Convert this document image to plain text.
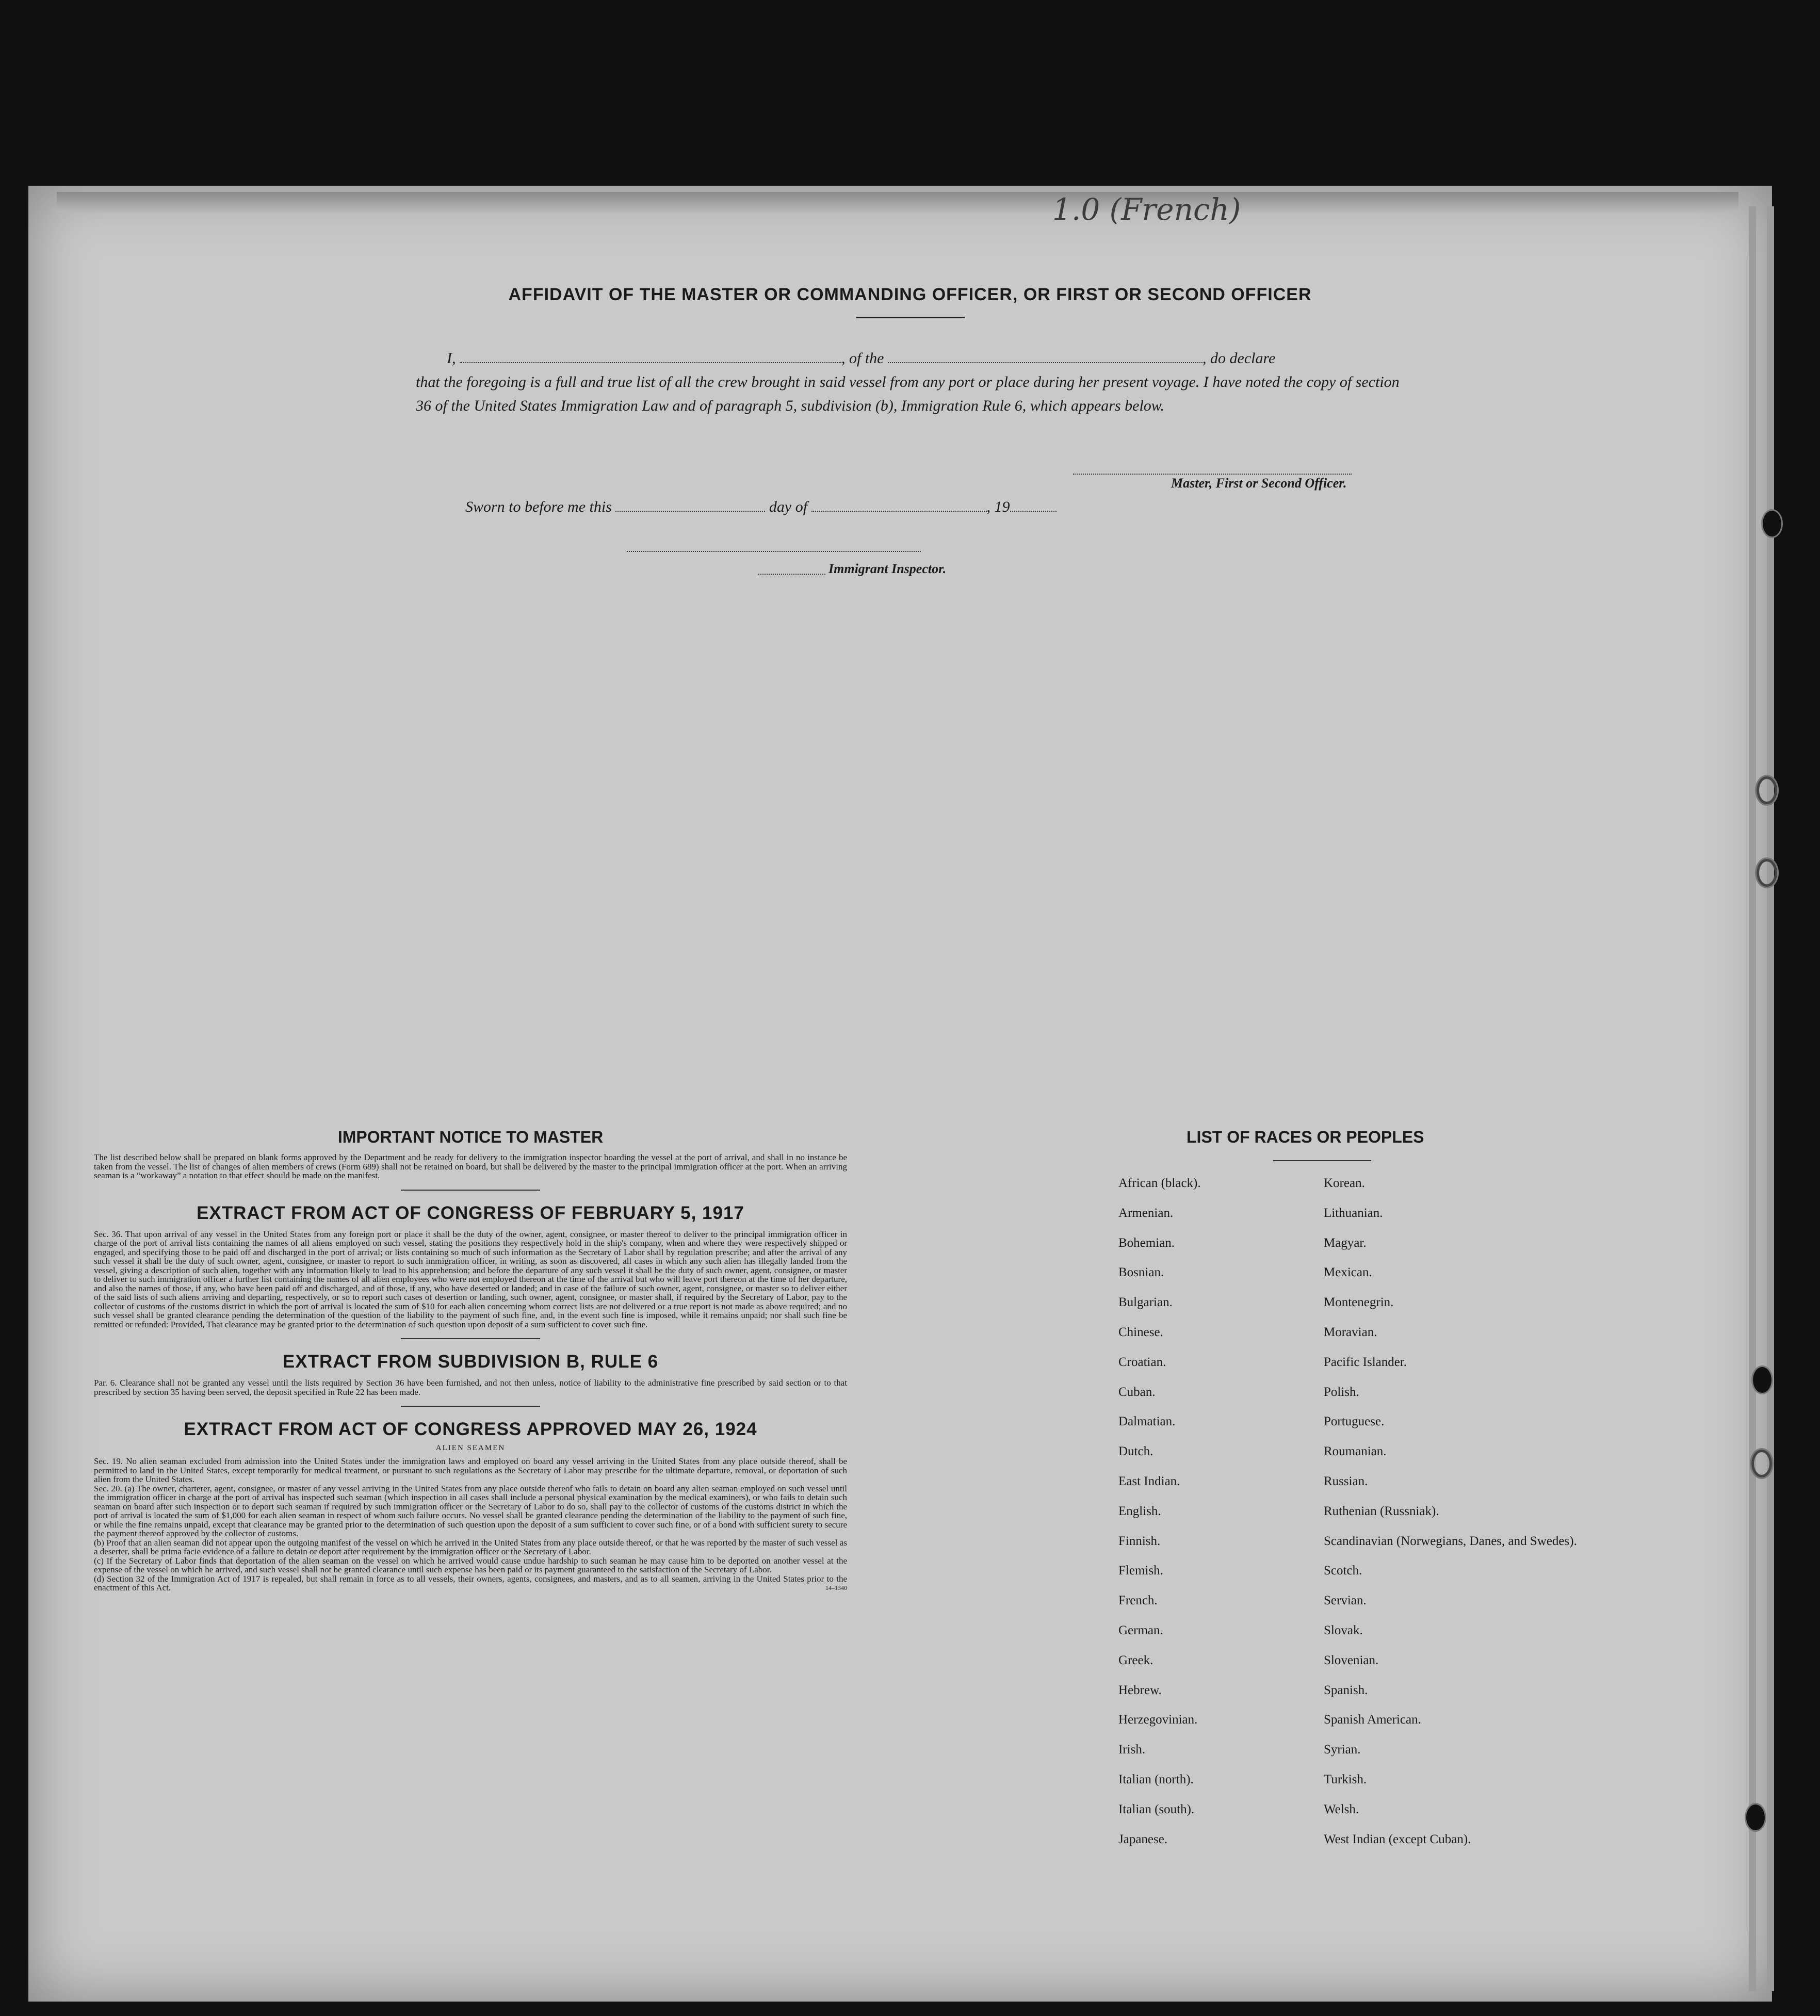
1.0 (French)
AFFIDAVIT OF THE MASTER OR COMMANDING OFFICER, OR FIRST OR SECOND OFFICER
I,	, of the	, do declare
that the foregoing is a full and true list of all the crew brought in said vessel from any port or place during her present voyage. I have noted the copy of section 36 of the United States Immigration Law and of paragraph 5, subdivision (b), Immigration Rule 6, which appears below.
Master, First or Second Officer.
Sworn to before me this	day of	, 19
Immigrant Inspector.

IMPORTANT NOTICE TO MASTER

The list described below shall be prepared on blank forms approved by the Department and be ready for delivery to the immigration inspector boarding the vessel at the port of arrival, and shall in no instance be taken from the vessel. The list of changes of alien members of crews (Form 689) shall not be retained on board, but shall be delivered by the master to the principal immigration officer at the port. When an arriving seaman is a “workaway” a notation to that effect should be made on the manifest.

EXTRACT FROM ACT OF CONGRESS OF FEBRUARY 5, 1917

Sec. 36. That upon arrival of any vessel in the United States from any foreign port or place it shall be the duty of the owner, agent, consignee, or master thereof to deliver to the principal immigration officer in charge of the port of arrival lists containing the names of all aliens employed on such vessel, stating the positions they respectively hold in the ship's company, when and where they were respectively shipped or engaged, and specifying those to be paid off and discharged in the port of arrival; or lists containing so much of such information as the Secretary of Labor shall by regulation prescribe; and after the arrival of any such vessel it shall be the duty of such owner, agent, consignee, or master to report to such immigration officer, in writing, as soon as discovered, all cases in which any such alien has illegally landed from the vessel, giving a description of such alien, together with any information likely to lead to his apprehension; and before the departure of any such vessel it shall be the duty of such owner, agent, consignee, or master to deliver to such immigration officer a further list containing the names of all alien employees who were not employed thereon at the time of the arrival but who will leave port thereon at the time of her departure, and also the names of those, if any, who have been paid off and discharged, and of those, if any, who have deserted or landed; and in case of the failure of such owner, agent, consignee, or master so to deliver either of the said lists of such aliens arriving and departing, respectively, or so to report such cases of desertion or landing, such owner, agent, consignee, or master shall, if required by the Secretary of Labor, pay to the collector of customs of the customs district in which the port of arrival is located the sum of $10 for each alien concerning whom correct lists are not delivered or a true report is not made as above required; and no such vessel shall be granted clearance pending the determination of the question of the liability to the payment of such fine, and, in the event such fine is imposed, while it remains unpaid; nor shall such fine be remitted or refunded: Provided, That clearance may be granted prior to the determination of such question upon deposit of a sum sufficient to cover such fine.

EXTRACT FROM SUBDIVISION B, RULE 6

Par. 6. Clearance shall not be granted any vessel until the lists required by Section 36 have been furnished, and not then unless, notice of liability to the administrative fine prescribed by said section or to that prescribed by section 35 having been served, the deposit specified in Rule 22 has been made.

EXTRACT FROM ACT OF CONGRESS APPROVED MAY 26, 1924

ALIEN SEAMEN

Sec. 19. No alien seaman excluded from admission into the United States under the immigration laws and employed on board any vessel arriving in the United States from any place outside thereof, shall be permitted to land in the United States, except temporarily for medical treatment, or pursuant to such regulations as the Secretary of Labor may prescribe for the ultimate departure, removal, or deportation of such alien from the United States.

Sec. 20. (a) The owner, charterer, agent, consignee, or master of any vessel arriving in the United States from any place outside thereof who fails to detain on board any alien seaman employed on such vessel until the immigration officer in charge at the port of arrival has inspected such seaman (which inspection in all cases shall include a personal physical examination by the medical examiners), or who fails to detain such seaman on board after such inspection or to deport such seaman if required by such immigration officer or the Secretary of Labor to do so, shall pay to the collector of customs of the customs district in which the port of arrival is located the sum of $1,000 for each alien seaman in respect of whom such failure occurs. No vessel shall be granted clearance pending the determination of the liability to the payment of such fine, or while the fine remains unpaid, except that clearance may be granted prior to the determination of such question upon the deposit of a sum sufficient to cover such fine, or of a bond with sufficient surety to secure the payment thereof approved by the collector of customs.

(b) Proof that an alien seaman did not appear upon the outgoing manifest of the vessel on which he arrived in the United States from any place outside thereof, or that he was reported by the master of such vessel as a deserter, shall be prima facie evidence of a failure to detain or deport after requirement by the immigration officer or the Secretary of Labor.

(c) If the Secretary of Labor finds that deportation of the alien seaman on the vessel on which he arrived would cause undue hardship to such seaman he may cause him to be deported on another vessel at the expense of the vessel on which he arrived, and such vessel shall not be granted clearance until such expense has been paid or its payment guaranteed to the satisfaction of the Secretary of Labor.

(d) Section 32 of the Immigration Act of 1917 is repealed, but shall remain in force as to all vessels, their owners, agents, consignees, and masters, and as to all seamen, arriving in the United States prior to the enactment of this Act.	14–1340
LIST OF RACES OR PEOPLES
African (black).
Armenian.
Bohemian.
Bosnian.
Bulgarian.
Chinese.
Croatian.
Cuban.
Dalmatian.
Dutch.
East Indian.
English.
Finnish.
Flemish.
French.
German.
Greek.
Hebrew.
Herzegovinian.
Irish.
Italian (north).
Italian (south).
Japanese.
Korean.
Lithuanian.
Magyar.
Mexican.
Montenegrin.
Moravian.
Pacific Islander.
Polish.
Portuguese.
Roumanian.
Russian.
Ruthenian (Russniak).
Scandinavian (Norwegians, Danes, and Swedes).
Scotch.
Servian.
Slovak.
Slovenian.
Spanish.
Spanish American.
Syrian.
Turkish.
Welsh.
West Indian (except Cuban).
